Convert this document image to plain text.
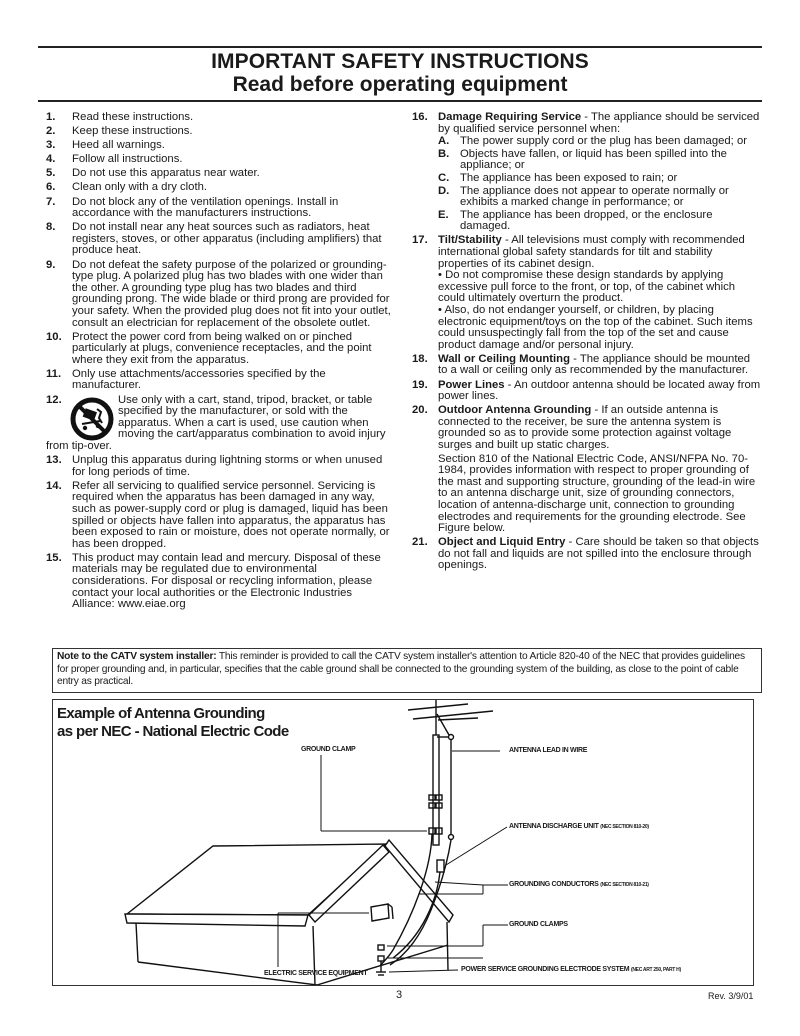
IMPORTANT SAFETY INSTRUCTIONS
Read before operating equipment
1. Read these instructions.
2. Keep these instructions.
3. Heed all warnings.
4. Follow all instructions.
5. Do not use this apparatus near water.
6. Clean only with a dry cloth.
7. Do not block any of the ventilation openings. Install in accordance with the manufacturers instructions.
8. Do not install near any heat sources such as radiators, heat registers, stoves, or other apparatus (including amplifiers) that produce heat.
9. Do not defeat the safety purpose of the polarized or grounding-type plug. A polarized plug has two blades with one wider than the other. A grounding type plug has two blades and third grounding prong. The wide blade or third prong are provided for your safety. When the provided plug does not fit into your outlet, consult an electrician for replacement of the obsolete outlet.
10. Protect the power cord from being walked on or pinched particularly at plugs, convenience receptacles, and the point where they exit from the apparatus.
11. Only use attachments/accessories specified by the manufacturer.
12.	Use only with a cart, stand, tripod, bracket, or table specified by the manufacturer, or sold with the apparatus. When a cart is used, use caution when moving the cart/apparatus combination to avoid injury from tip-over.
13. Unplug this apparatus during lightning storms or when unused for long periods of time.
14. Refer all servicing to qualified service personnel. Servicing is required when the apparatus has been damaged in any way, such as power-supply cord or plug is damaged, liquid has been spilled or objects have fallen into apparatus, the apparatus has been exposed to rain or moisture, does not operate normally, or has been dropped.
15. This product may contain lead and mercury. Disposal of these materials may be regulated due to environmental considerations. For disposal or recycling information, please contact your local authorities or the Electronic Industries Alliance: www.eiae.org
16. Damage Requiring Service - The appliance should be serviced by qualified service personnel when:
A. The power supply cord or the plug has been damaged; or
B. Objects have fallen, or liquid has been spilled into the appliance; or
C. The appliance has been exposed to rain; or
D. The appliance does not appear to operate normally or exhibits a marked change in performance; or
E. The appliance has been dropped, or the enclosure damaged.
17. Tilt/Stability - All televisions must comply with recommended international global safety standards for tilt and stability properties of its cabinet design.
• Do not compromise these design standards by applying excessive pull force to the front, or top, of the cabinet which could ultimately overturn the product.
• Also, do not endanger yourself, or children, by placing electronic equipment/toys on the top of the cabinet. Such items could unsuspectingly fall from the top of the set and cause product damage and/or personal injury.
18. Wall or Ceiling Mounting - The appliance should be mounted to a wall or ceiling only as recommended by the manufacturer.
19. Power Lines - An outdoor antenna should be located away from power lines.
20. Outdoor Antenna Grounding - If an outside antenna is connected to the receiver, be sure the antenna system is grounded so as to provide some protection against voltage surges and built up static charges.
Section 810 of the National Electric Code, ANSI/NFPA No. 70-1984, provides information with respect to proper grounding of the mast and supporting structure, grounding of the lead-in wire to an antenna discharge unit, size of grounding connectors, location of antenna-discharge unit, connection to grounding electrodes and requirements for the grounding electrode. See Figure below.
21. Object and Liquid Entry - Care should be taken so that objects do not fall and liquids are not spilled into the enclosure through openings.
Note to the CATV system installer: This reminder is provided to call the CATV system installer's attention to Article 820-40 of the NEC that provides guidelines for proper grounding and, in particular, specifies that the cable ground shall be connected to the grounding system of the building, as close to the point of cable entry as practical.
Example of Antenna Grounding
as per NEC - National Electric Code
GROUND CLAMP	ANTENNA LEAD IN WIRE
ANTENNA DISCHARGE UNIT (NEC SECTION 810-20)
GROUNDING CONDUCTORS (NEC SECTION 810-21)
GROUND CLAMPS
ELECTRIC SERVICE EQUIPMENT
POWER SERVICE GROUNDING ELECTRODE SYSTEM (NEC ART 250, PART H)
3	Rev. 3/9/01
